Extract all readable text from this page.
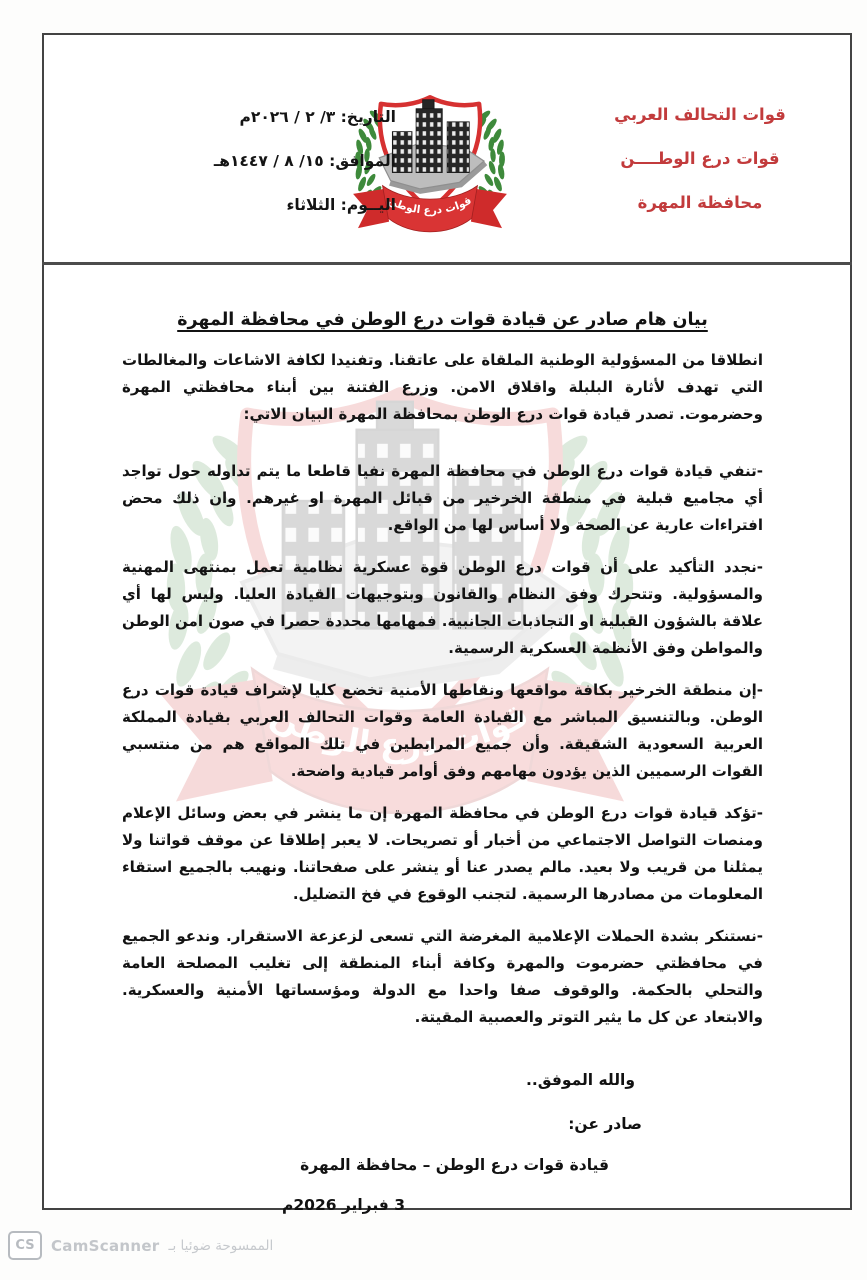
قوات التحالف العربي
قوات درع الوطــــن
محافظة المهرة
التاريخ: ٣/ ٢ / ٢٠٢٦م
الموافق: ١٥/ ٨ / ١٤٤٧هـ
اليــوم: الثلاثاء
بيان هام صادر عن قيادة قوات درع الوطن في محافظة المهرة

انطلاقا من المسؤولية الوطنية الملقاة على عاتقنا. وتفنيدا لكافة الاشاعات والمغالطات التي تهدف لأثارة البلبلة واقلاق الامن. وزرع الفتنة بين أبناء محافظتي المهرة وحضرموت. تصدر قيادة قوات درع الوطن بمحافظة المهرة البيان الاتي:

-تنفي قيادة قوات درع الوطن في محافظة المهرة نفيا قاطعا ما يتم تداوله حول تواجد أي مجاميع قبلية في منطقة الخرخير من قبائل المهرة او غيرهم. وان ذلك محض افتراءات عارية عن الصحة ولا أساس لها من الواقع.

-نجدد التأكيد على أن قوات درع الوطن قوة عسكرية نظامية تعمل بمنتهى المهنية والمسؤولية. وتتحرك وفق النظام والقانون وبتوجيهات القيادة العليا. وليس لها أي علاقة بالشؤون القبلية او التجاذبات الجانبية. فمهامها محددة حصرا في صون امن الوطن والمواطن وفق الأنظمة العسكرية الرسمية.

-إن منطقة الخرخير بكافة مواقعها ونقاطها الأمنية تخضع كليا لإشراف قيادة قوات درع الوطن. وبالتنسيق المباشر مع القيادة العامة وقوات التحالف العربي بقيادة المملكة العربية السعودية الشقيقة. وأن جميع المرابطين في تلك المواقع هم من منتسبي القوات الرسميين الذين يؤدون مهامهم وفق أوامر قيادية واضحة.

-تؤكد قيادة قوات درع الوطن في محافظة المهرة إن ما ينشر في بعض وسائل الإعلام ومنصات التواصل الاجتماعي من أخبار أو تصريحات. لا يعبر إطلاقا عن موقف قواتنا ولا يمثلنا من قريب ولا بعيد. مالم يصدر عنا أو ينشر على صفحاتنا. ونهيب بالجميع استقاء المعلومات من مصادرها الرسمية. لتجنب الوقوع في فخ التضليل.

-نستنكر بشدة الحملات الإعلامية المغرضة التي تسعى لزعزعة الاستقرار. وندعو الجميع في محافظتي حضرموت والمهرة وكافة أبناء المنطقة إلى تغليب المصلحة العامة والتحلي بالحكمة. والوقوف صفا واحدا مع الدولة ومؤسساتها الأمنية والعسكرية. والابتعاد عن كل ما يثير التوتر والعصبية المقيتة.

والله الموفق..
صادر عن:
قيادة قوات درع الوطن – محافظة المهرة
3 فبراير 2026م
CS	CamScanner الممسوحة ضوئيا بـ
